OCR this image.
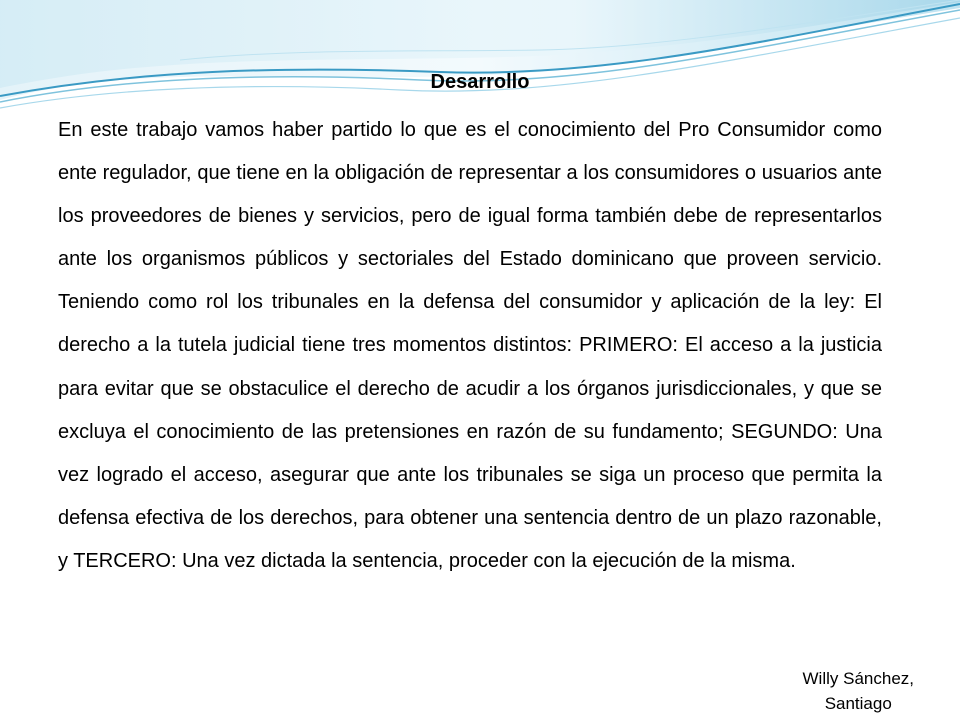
Desarrollo

En este trabajo vamos haber partido lo que es el conocimiento del Pro Consumidor como ente regulador, que tiene en la obligación de representar a los consumidores o usuarios ante los proveedores de bienes y servicios, pero de igual forma también debe de representarlos ante los organismos públicos y sectoriales del Estado dominicano que proveen servicio. Teniendo como rol los tribunales en la defensa del consumidor y aplicación de la ley: El derecho a la tutela judicial tiene tres momentos distintos: PRIMERO: El acceso a la justicia para evitar que se obstaculice el derecho de acudir a los órganos jurisdiccionales, y que se excluya el conocimiento de las pretensiones en razón de su fundamento; SEGUNDO: Una vez logrado el acceso, asegurar que ante los tribunales se siga un proceso que permita la defensa efectiva de los derechos, para obtener una sentencia dentro de un plazo razonable, y TERCERO: Una vez dictada la sentencia, proceder con la ejecución de la misma.

Willy Sánchez,
Santiago
